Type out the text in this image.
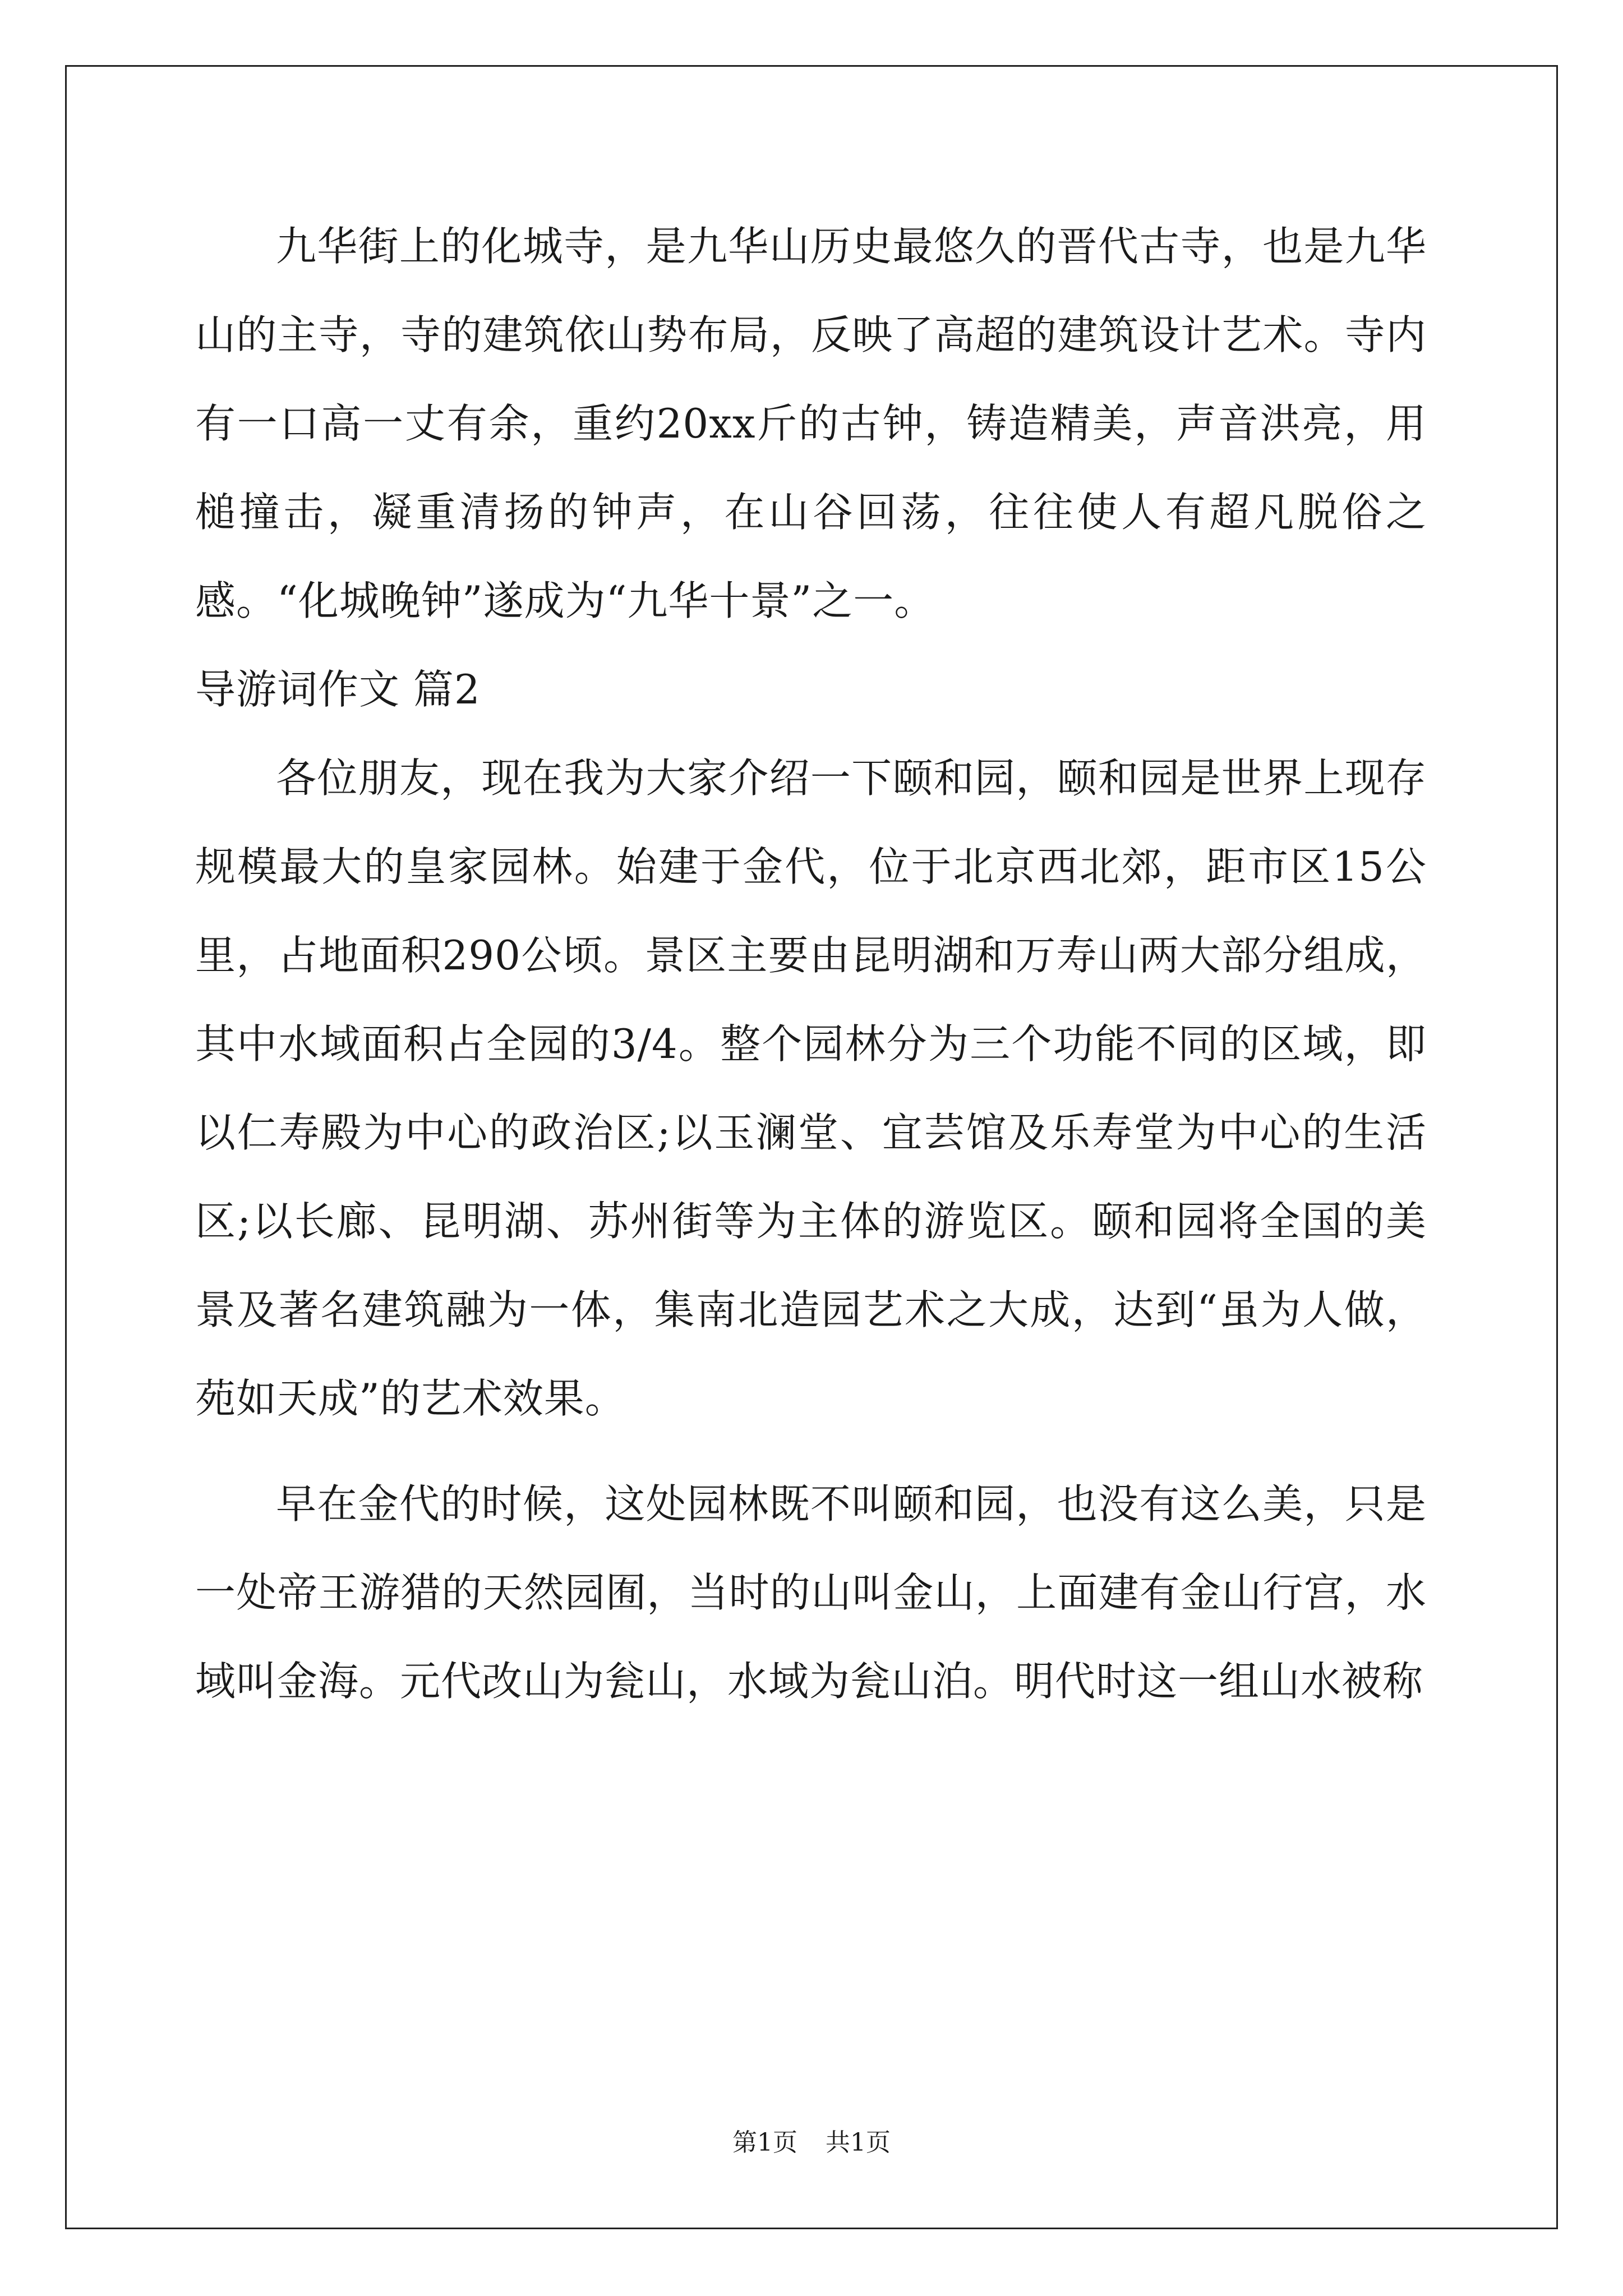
九华街上的化城寺，是九华山历史最悠久的晋代古寺，也是九华山的主寺，寺的建筑依山势布局，反映了高超的建筑设计艺术。寺内有一口高一丈有余，重约20xx斤的古钟，铸造精美，声音洪亮，用槌撞击，凝重清扬的钟声，在山谷回荡，往往使人有超凡脱俗之感。“化城晚钟”遂成为“九华十景”之一。

导游词作文 篇2

各位朋友，现在我为大家介绍一下颐和园，颐和园是世界上现存规模最大的皇家园林。始建于金代，位于北京西北郊，距市区15公里，占地面积290公顷。景区主要由昆明湖和万寿山两大部分组成，其中水域面积占全园的3/4。整个园林分为三个功能不同的区域，即以仁寿殿为中心的政治区;以玉澜堂、宜芸馆及乐寿堂为中心的生活区;以长廊、昆明湖、苏州街等为主体的游览区。颐和园将全国的美景及著名建筑融为一体，集南北造园艺术之大成，达到“虽为人做，苑如天成”的艺术效果。

早在金代的时候，这处园林既不叫颐和园，也没有这么美，只是一处帝王游猎的天然园囿，当时的山叫金山，上面建有金山行宫，水域叫金海。元代改山为瓮山，水域为瓮山泊。明代时这一组山水被称

第1页 共1页
